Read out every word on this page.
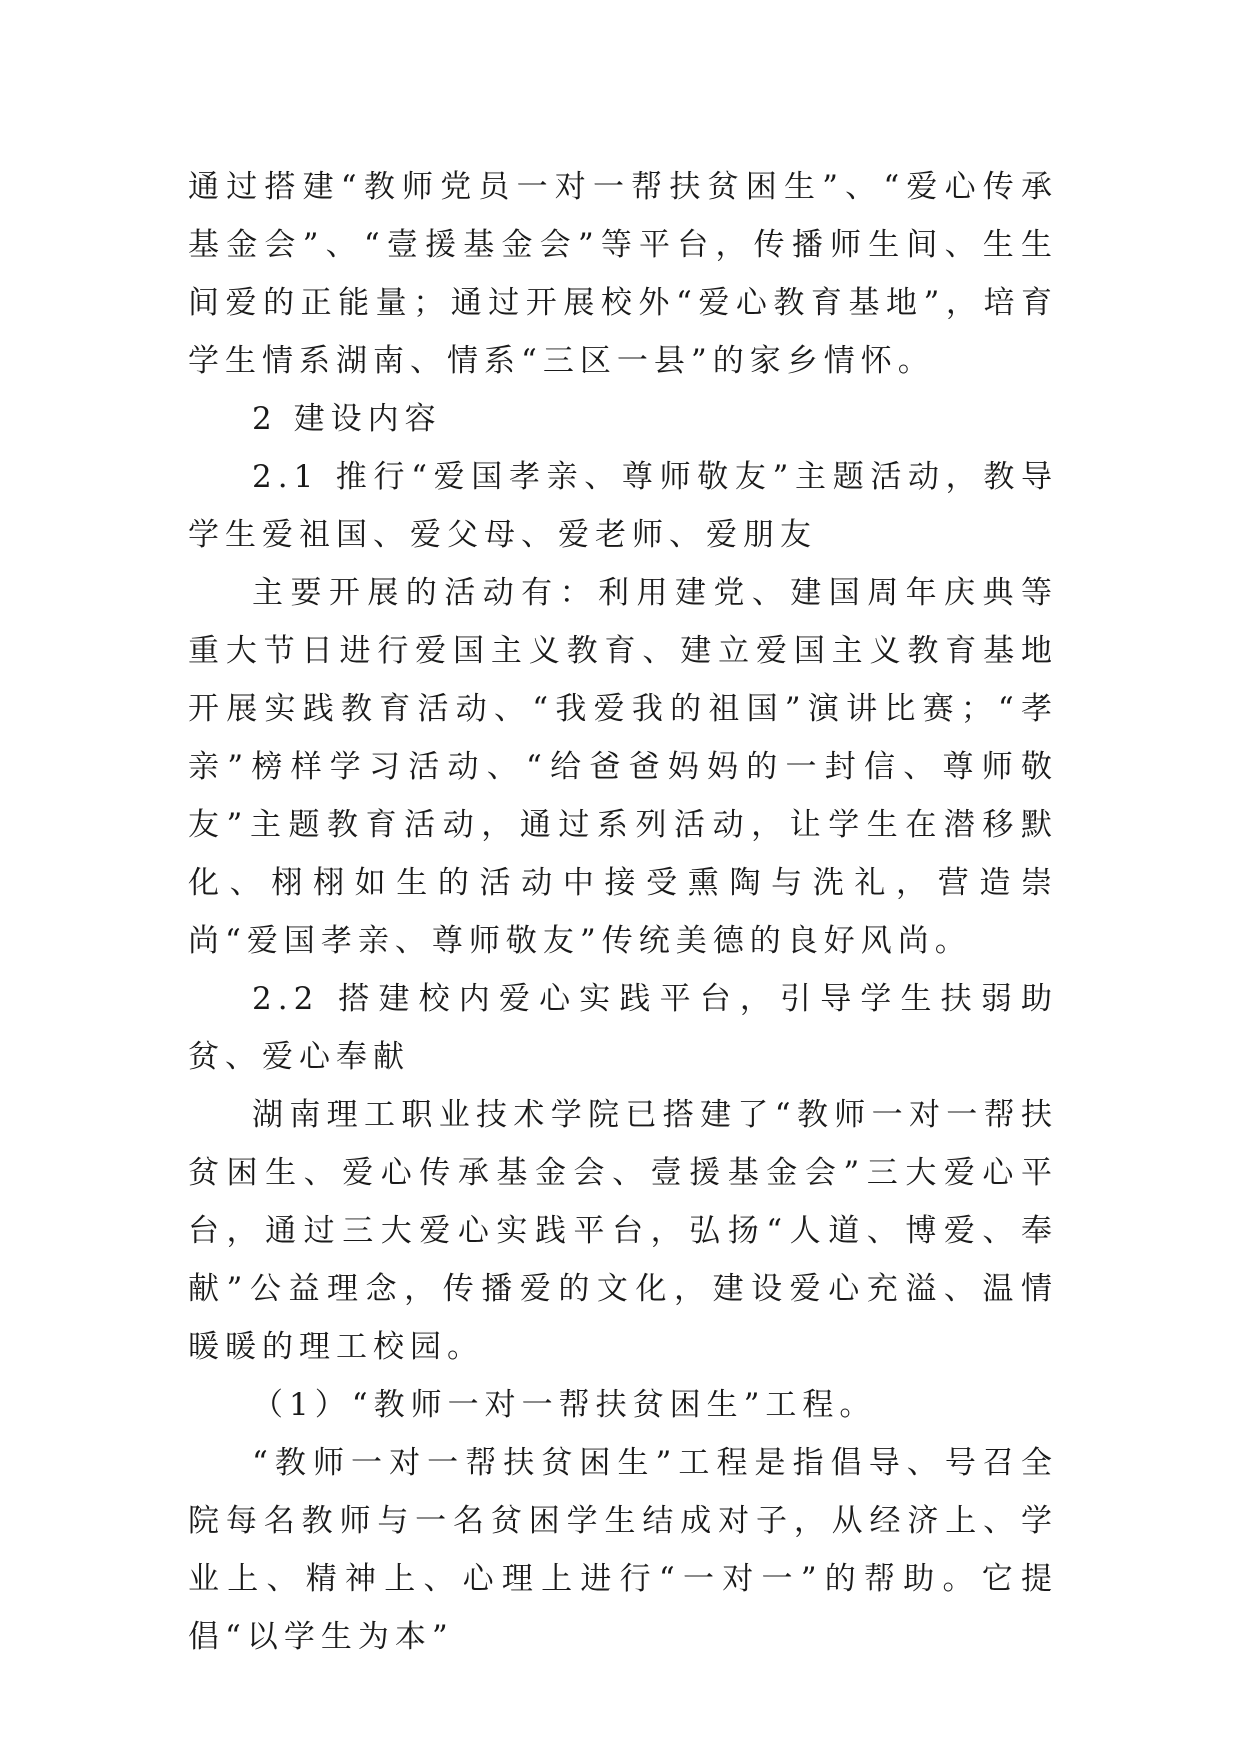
通过搭建“教师党员一对一帮扶贫困生”、“爱心传承基金会”、“壹援基金会”等平台，传播师生间、生生间爱的正能量；通过开展校外“爱心教育基地”，培育学生情系湖南、情系“三区一县”的家乡情怀。

2 建设内容

2.1 推行“爱国孝亲、尊师敬友”主题活动，教导学生爱祖国、爱父母、爱老师、爱朋友

主要开展的活动有：利用建党、建国周年庆典等重大节日进行爱国主义教育、建立爱国主义教育基地开展实践教育活动、“我爱我的祖国”演讲比赛；“孝亲”榜样学习活动、“给爸爸妈妈的一封信、尊师敬友”主题教育活动，通过系列活动，让学生在潜移默化、栩栩如生的活动中接受熏陶与洗礼，营造崇尚“爱国孝亲、尊师敬友”传统美德的良好风尚。

2.2 搭建校内爱心实践平台，引导学生扶弱助贫、爱心奉献

湖南理工职业技术学院已搭建了“教师一对一帮扶贫困生、爱心传承基金会、壹援基金会”三大爱心平台，通过三大爱心实践平台，弘扬“人道、博爱、奉献”公益理念，传播爱的文化，建设爱心充溢、温情暖暖的理工校园。

（1）“教师一对一帮扶贫困生”工程。

“教师一对一帮扶贫困生”工程是指倡导、号召全院每名教师与一名贫困学生结成对子，从经济上、学业上、精神上、心理上进行“一对一”的帮助。它提倡“以学生为本”
